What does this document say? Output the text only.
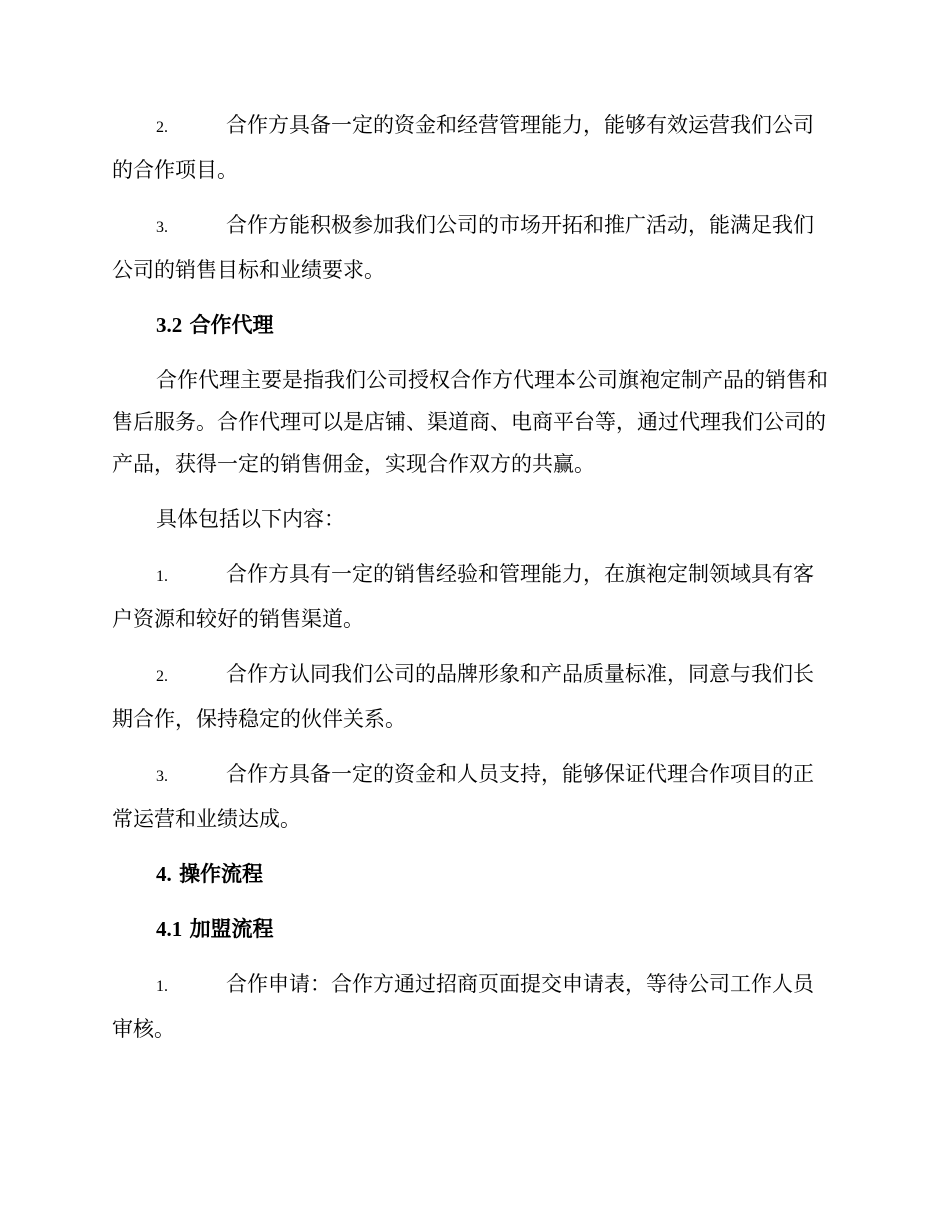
2.	合作方具备一定的资金和经营管理能力，能够有效运营我们公司的合作项目。

3.	合作方能积极参加我们公司的市场开拓和推广活动，能满足我们公司的销售目标和业绩要求。

3.2 合作代理

合作代理主要是指我们公司授权合作方代理本公司旗袍定制产品的销售和售后服务。合作代理可以是店铺、渠道商、电商平台等，通过代理我们公司的产品，获得一定的销售佣金，实现合作双方的共赢。

具体包括以下内容：

1.	合作方具有一定的销售经验和管理能力，在旗袍定制领域具有客户资源和较好的销售渠道。

2.	合作方认同我们公司的品牌形象和产品质量标准，同意与我们长期合作，保持稳定的伙伴关系。

3.	合作方具备一定的资金和人员支持，能够保证代理合作项目的正常运营和业绩达成。

4. 操作流程

4.1 加盟流程

1.	合作申请：合作方通过招商页面提交申请表，等待公司工作人员审核。
